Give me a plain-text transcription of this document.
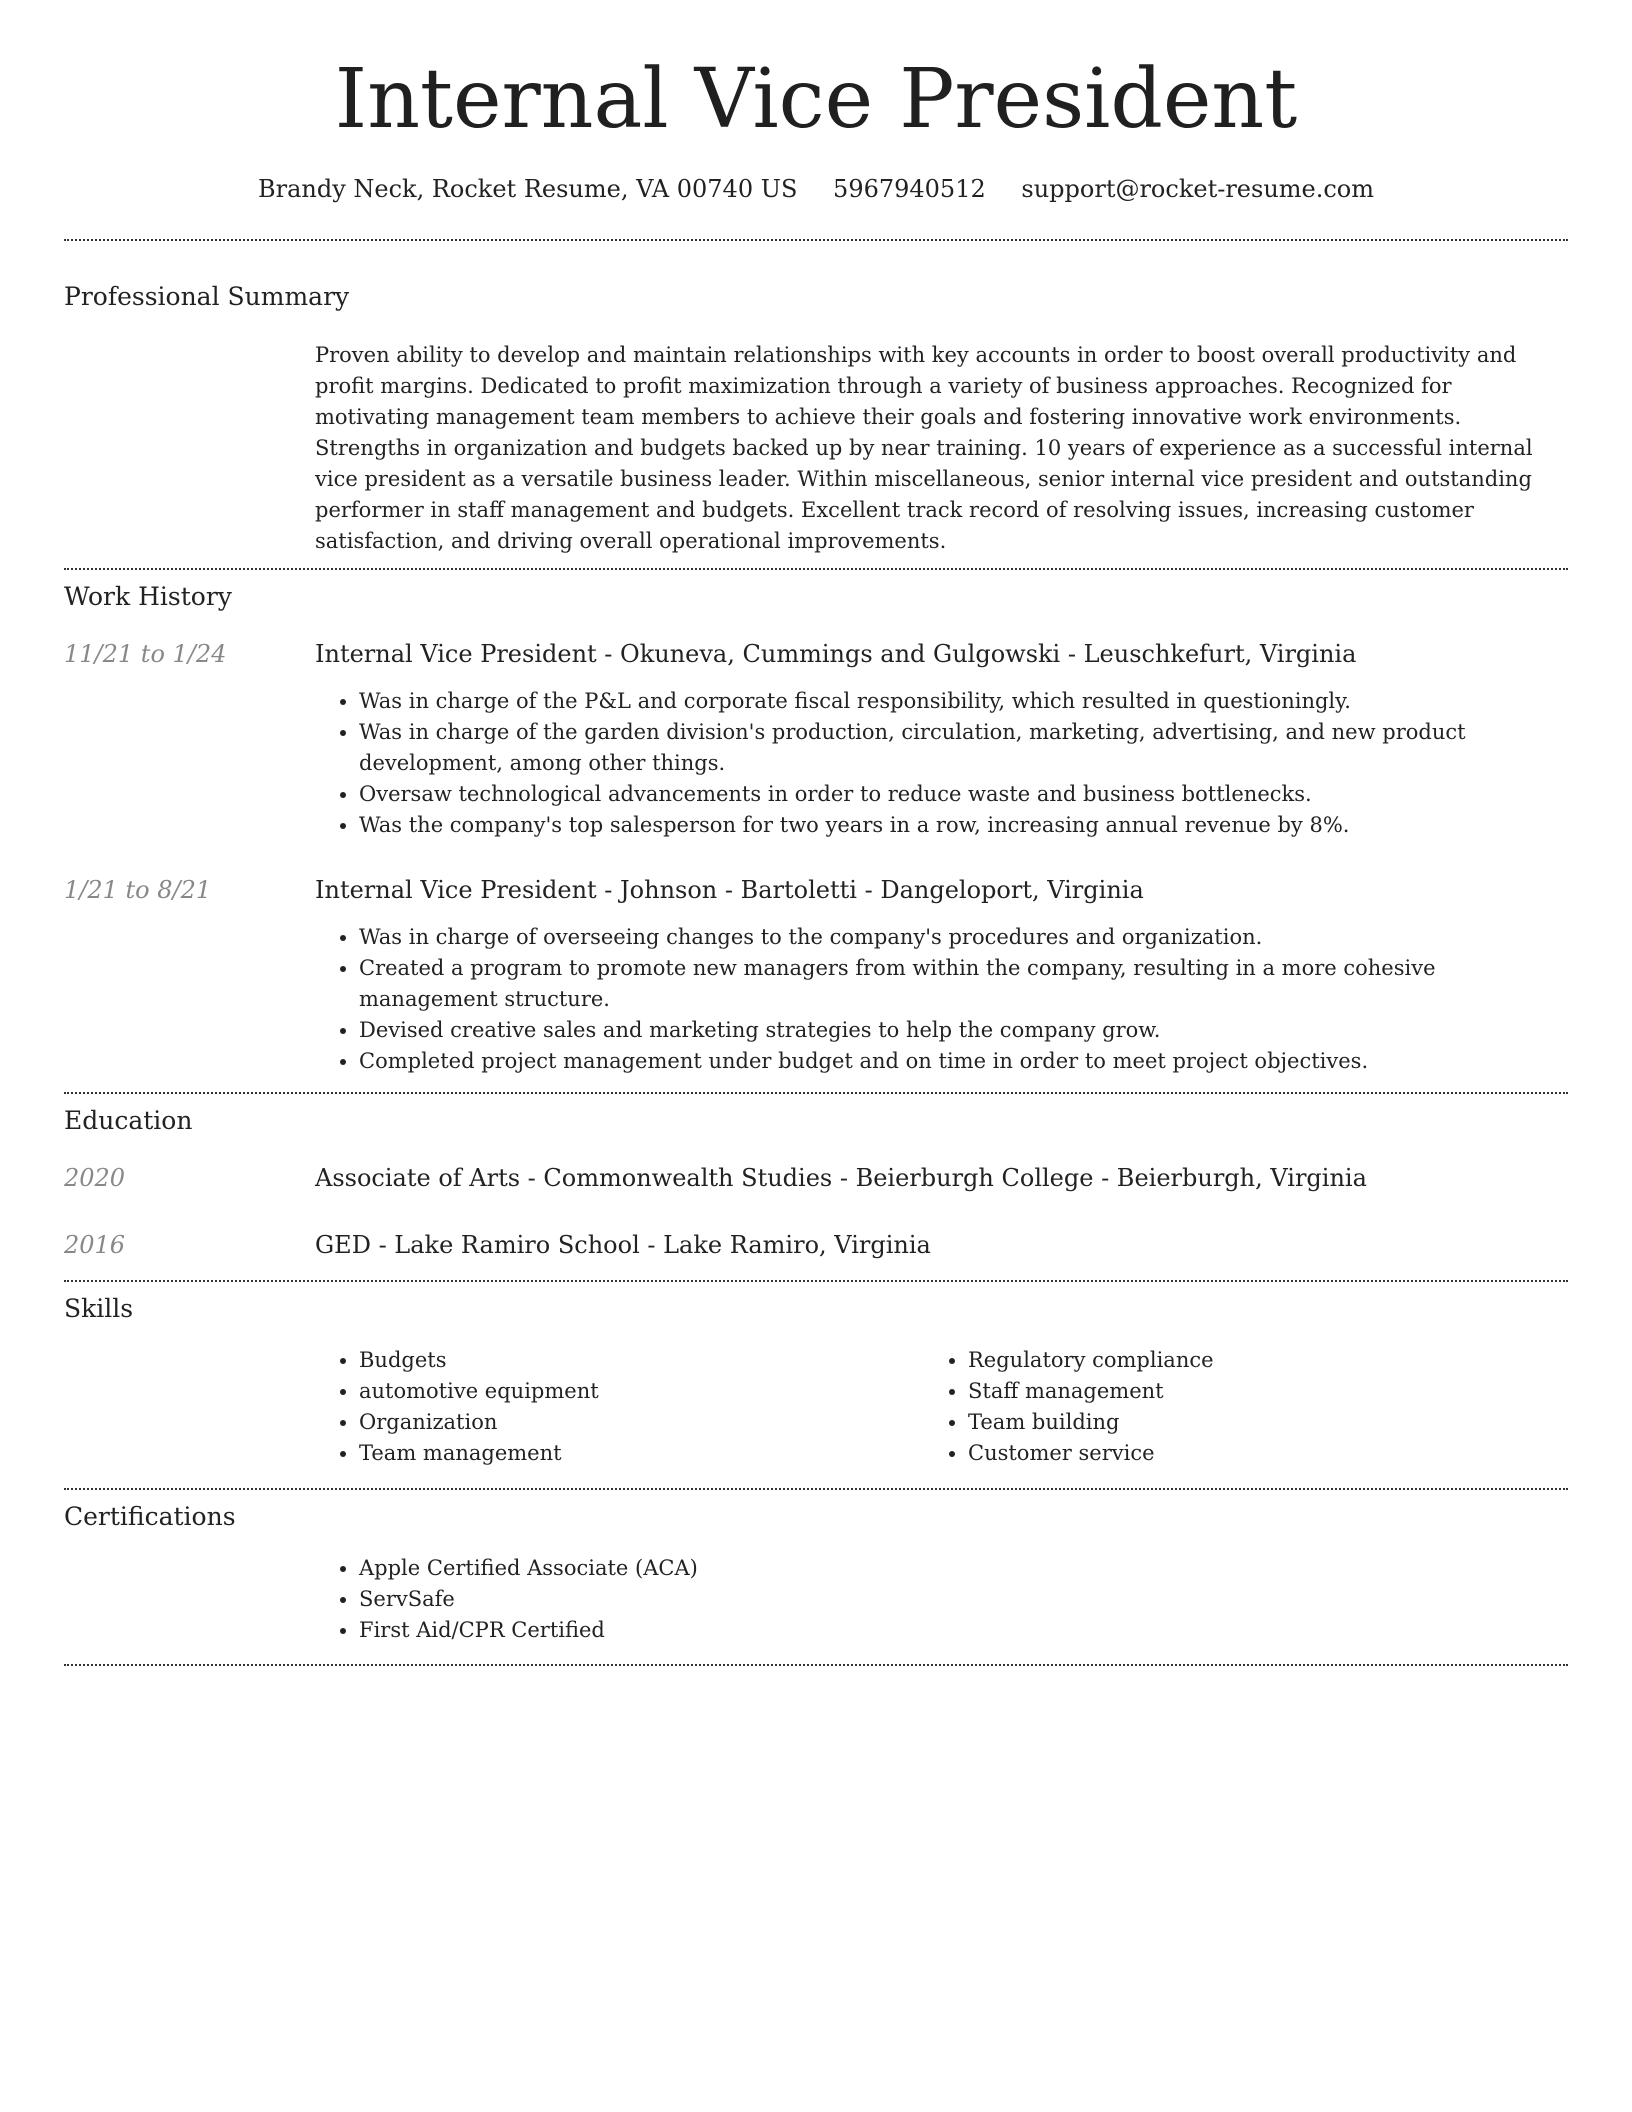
Internal Vice President
Brandy Neck, Rocket Resume, VA 00740 US 5967940512 support@rocket-resume.com
Professional Summary
Proven ability to develop and maintain relationships with key accounts in order to boost overall productivity and profit margins. Dedicated to profit maximization through a variety of business approaches. Recognized for motivating management team members to achieve their goals and fostering innovative work environments. Strengths in organization and budgets backed up by near training. 10 years of experience as a successful internal vice president as a versatile business leader. Within miscellaneous, senior internal vice president and outstanding performer in staff management and budgets. Excellent track record of resolving issues, increasing customer satisfaction, and driving overall operational improvements.
Work History
11/21 to 1/24	Internal Vice President - Okuneva, Cummings and Gulgowski - Leuschkefurt, Virginia
• Was in charge of the P&L and corporate fiscal responsibility, which resulted in questioningly.
• Was in charge of the garden division's production, circulation, marketing, advertising, and new product development, among other things.
• Oversaw technological advancements in order to reduce waste and business bottlenecks.
• Was the company's top salesperson for two years in a row, increasing annual revenue by 8%.
1/21 to 8/21	Internal Vice President - Johnson - Bartoletti - Dangeloport, Virginia
• Was in charge of overseeing changes to the company's procedures and organization.
• Created a program to promote new managers from within the company, resulting in a more cohesive management structure.
• Devised creative sales and marketing strategies to help the company grow.
• Completed project management under budget and on time in order to meet project objectives.
Education
2020	Associate of Arts - Commonwealth Studies - Beierburgh College - Beierburgh, Virginia
2016	GED - Lake Ramiro School - Lake Ramiro, Virginia
Skills
• Budgets
• automotive equipment
• Organization
• Team management
• Regulatory compliance
• Staff management
• Team building
• Customer service
Certifications
• Apple Certified Associate (ACA)
• ServSafe
• First Aid/CPR Certified
